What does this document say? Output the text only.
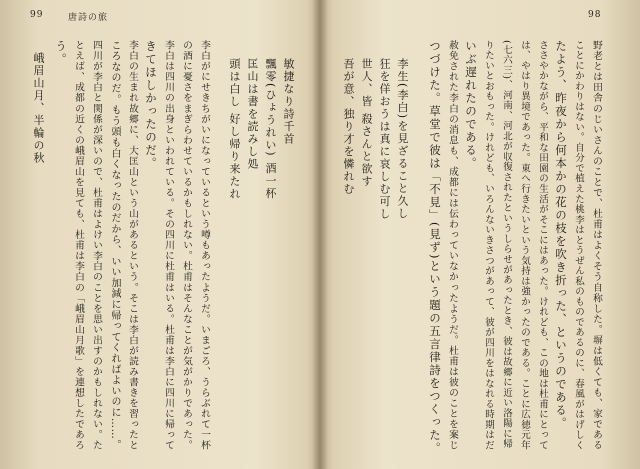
99	唐詩の旅
峨眉山月、半輪の秋 う。 とえば、成都の近くの峨眉山を見ても、杜甫は李白の「峨眉山月歌」を連想したであろ 四川が李白と関係が深いので、杜甫はよけい李白のことを思い出すのかもしれない。た ころなのだ。もう頭も白くなったのだから、いい加減に帰ってくればよいのに……。 李白の生まれ故郷に、大匡山という山があるという。そこは李白が読み書きを習ったと きてほしかったのだ。 李白は四川の出身といわれている。その四川に杜甫はいる。杜甫は李白に四川に帰って の酒に憂さをまぎらわせているかもしれない。杜甫はそんなことが気がかりであった。 李白がにせきちがいになっているという噂もあったようだ。いまごろ、うらぶれて一杯 頭は白し 好し帰り来たれ 匡山は書を読みし処 飄零(ひょうれい) 酒一杯 敏捷なり詩千首
98
野老とは田舎のじいさんのことで、杜甫はよくそう自称した。塀は低くても、家である
ことにかわりはない。自分で植えた桃李はとうぜん私のものであるのに、春風がはげしく
たよう、昨夜から何本かの花の枝を吹き折った、というのである。
ささやかながら、平和な田園の生活がそこにはあった。けれども、この地は杜甫にとって
は、やはり異境であった。東へ行きたいという気持は強かったのである。ことに広徳元年
(七六三)、河南、河北が収復されたというしらせがあったとき、彼は故郷に近い洛陽に帰
りたいとおもった。けれども、いろんないきさつがあって、彼が四川をはなれる時期はだ
いぶ遅れたのである。
赦免された李白の消息も、成都には伝わっていなかったようだ。杜甫は彼のことを案じ
つづけた。草堂で彼は「不見」(見ず)という題の五言律詩をつくった。
李生(李白)を見ざること久し
狂を佯おうは真に哀しむ可し
世人、皆 殺さんと欲す
吾が意、独り才を憐れむ
